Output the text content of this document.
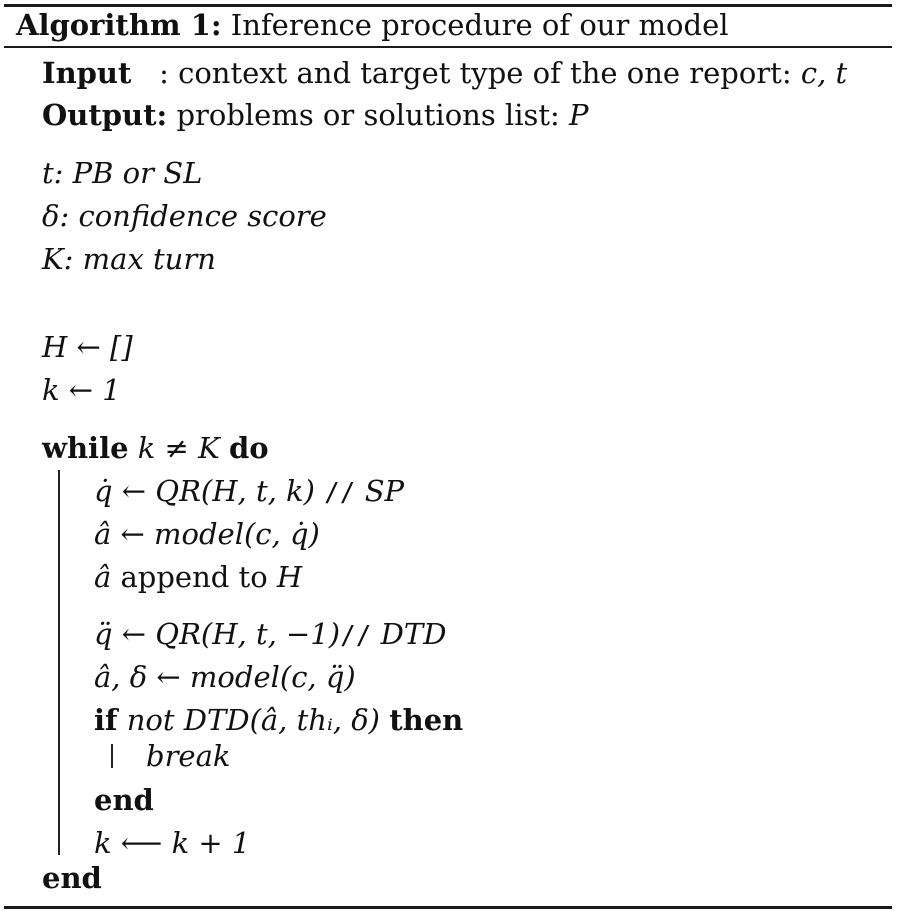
Algorithm 1: Inference procedure of our model
Input : context and target type of the one report: c, t
Output: problems or solutions list: P
t: PB or SL
δ: confidence score
K: max turn
H ← []
k ← 1
while k ≠ K do
q̇ ← QR(H, t, k) // SP
â ← model(c, q̇)
â append to H
q̈ ← QR(H, t, −1)// DTD
â, δ ← model(c, q̈)
if not DTD(â, thᵢ, δ) then
break
end
k ⟵ k + 1
end
